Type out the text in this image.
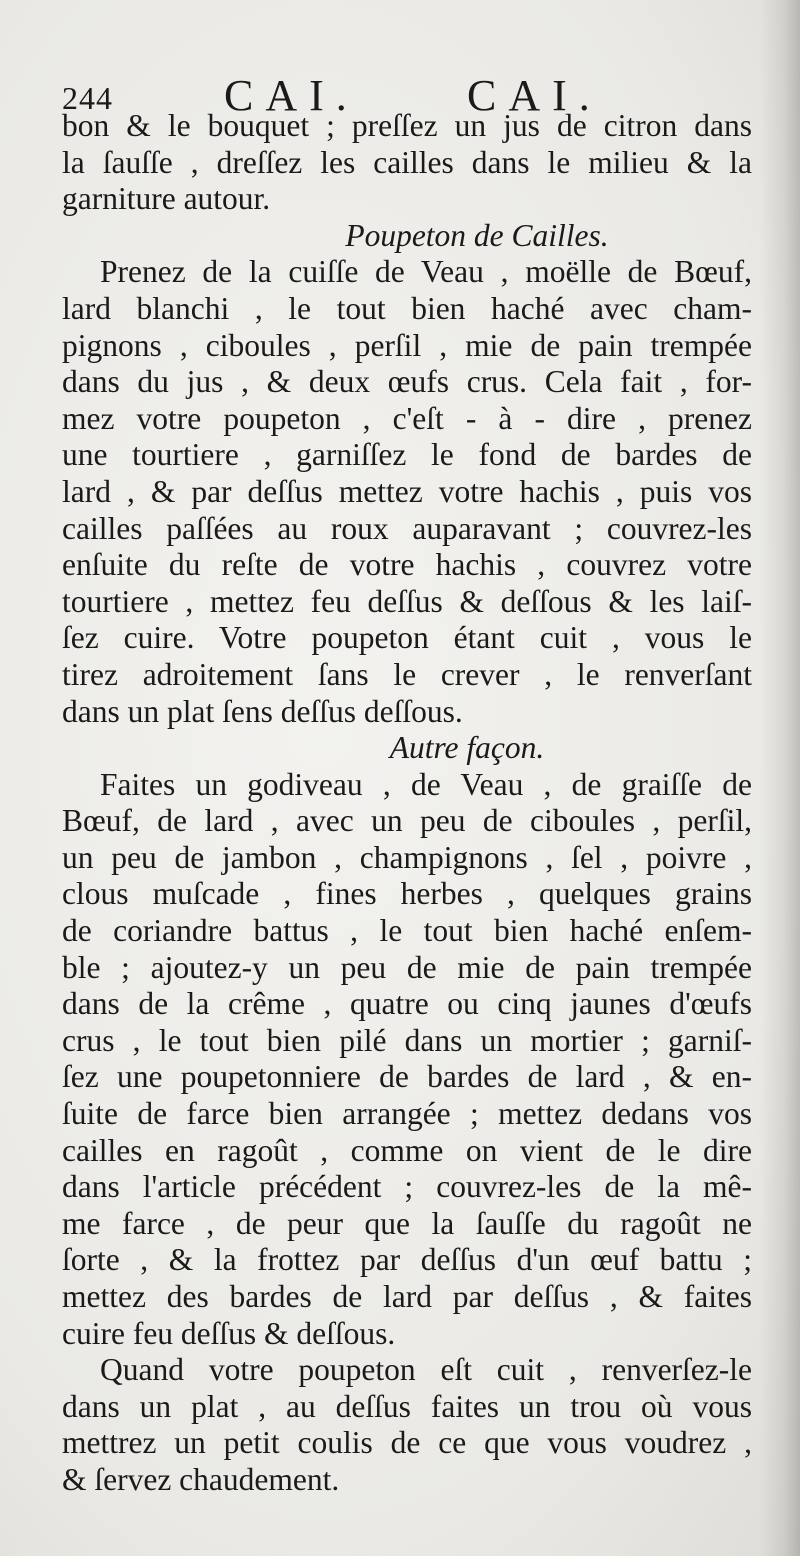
244	CAI. CAI.
bon & le bouquet ; preſſez un jus de citron dans
la ſauſſe , dreſſez les cailles dans le milieu & la
garniture autour.
Poupeton de Cailles.
Prenez de la cuiſſe de Veau , moëlle de Bœuf,
lard blanchi , le tout bien haché avec cham-
pignons , ciboules , perſil , mie de pain trempée
dans du jus , & deux œufs crus. Cela fait , for-
mez votre poupeton , c'eſt - à - dire , prenez
une tourtiere , garniſſez le fond de bardes de
lard , & par deſſus mettez votre hachis , puis vos
cailles paſſées au roux auparavant ; couvrez-les
enſuite du reſte de votre hachis , couvrez votre
tourtiere , mettez feu deſſus & deſſous & les laiſ-
ſez cuire. Votre poupeton étant cuit , vous le
tirez adroitement ſans le crever , le renverſant
dans un plat ſens deſſus deſſous.
Autre façon.
Faites un godiveau , de Veau , de graiſſe de
Bœuf, de lard , avec un peu de ciboules , perſil,
un peu de jambon , champignons , ſel , poivre ,
clous muſcade , fines herbes , quelques grains
de coriandre battus , le tout bien haché enſem-
ble ; ajoutez-y un peu de mie de pain trempée
dans de la crême , quatre ou cinq jaunes d'œufs
crus , le tout bien pilé dans un mortier ; garniſ-
ſez une poupetonniere de bardes de lard , & en-
ſuite de farce bien arrangée ; mettez dedans vos
cailles en ragoût , comme on vient de le dire
dans l'article précédent ; couvrez-les de la mê-
me farce , de peur que la ſauſſe du ragoût ne
ſorte , & la frottez par deſſus d'un œuf battu ;
mettez des bardes de lard par deſſus , & faites
cuire feu deſſus & deſſous.
Quand votre poupeton eſt cuit , renverſez-le
dans un plat , au deſſus faites un trou où vous
mettrez un petit coulis de ce que vous voudrez ,
& ſervez chaudement.
